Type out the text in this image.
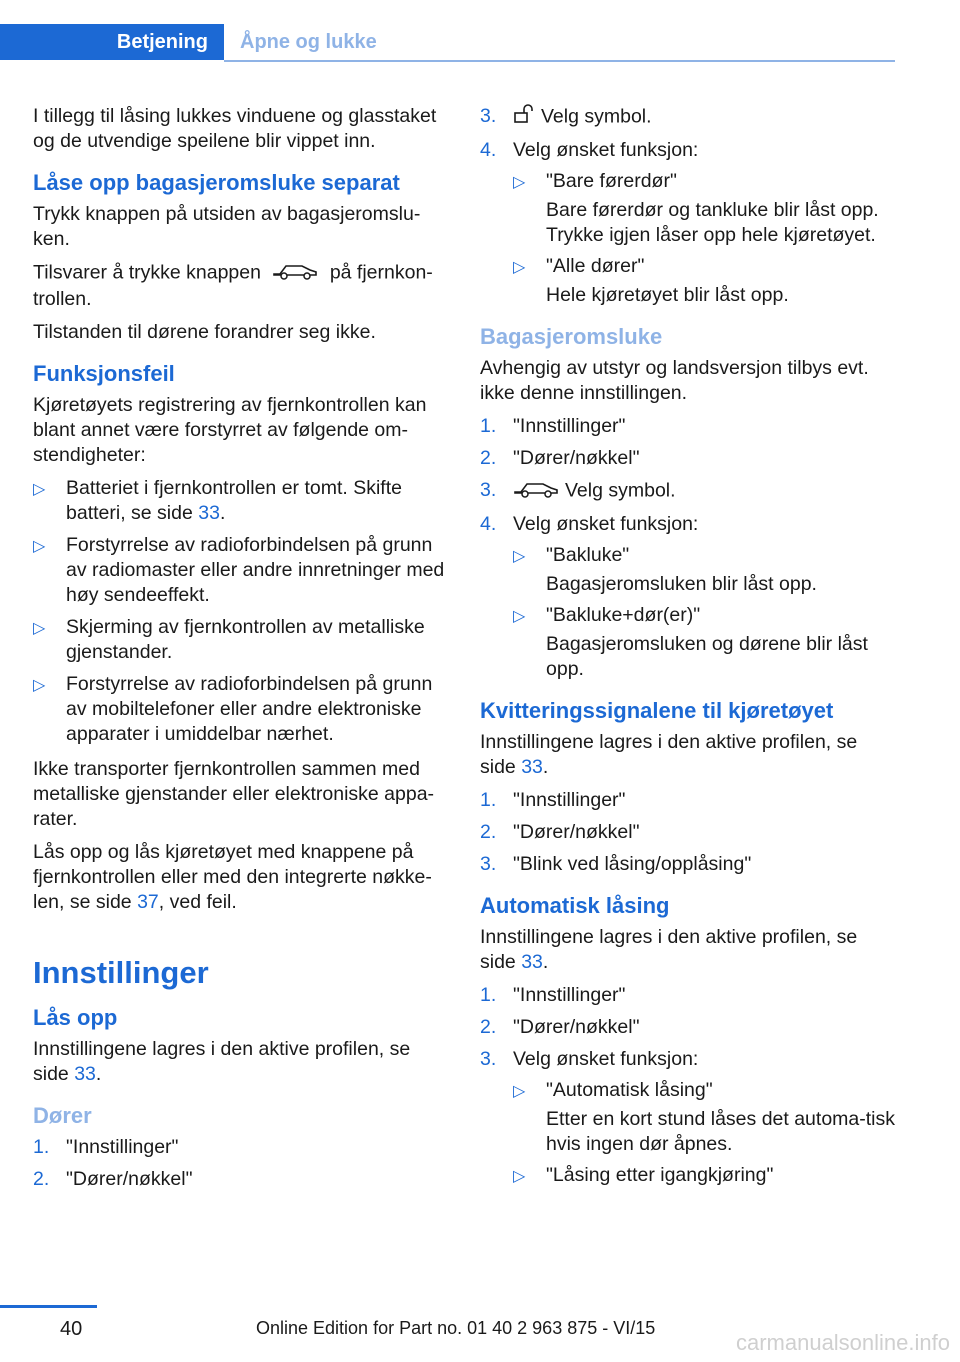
Betjening	Åpne og lukke

I tillegg til låsing lukkes vinduene og glasstaket og de utvendige speilene blir vippet inn.

Låse opp bagasjeromsluke separat

Trykk knappen på utsiden av bagasjeromslu-ken.

Tilsvarer å trykke knappen	på fjernkon-trollen.

Tilstanden til dørene forandrer seg ikke.

Funksjonsfeil

Kjøretøyets registrering av fjernkontrollen kan blant annet være forstyrret av følgende om-stendigheter:

▷ Batteriet i fjernkontrollen er tomt. Skifte batteri, se side 33.
▷ Forstyrrelse av radioforbindelsen på grunn av radiomaster eller andre innretninger med høy sendeeffekt.
▷ Skjerming av fjernkontrollen av metalliske gjenstander.
▷ Forstyrrelse av radioforbindelsen på grunn av mobiltelefoner eller andre elektroniske apparater i umiddelbar nærhet.

Ikke transporter fjernkontrollen sammen med metalliske gjenstander eller elektroniske appa-rater.

Lås opp og lås kjøretøyet med knappene på fjernkontrollen eller med den integrerte nøkke-len, se side 37, ved feil.

Innstillinger
Lås opp

Innstillingene lagres i den aktive profilen, se side 33.

Dører
1. "Innstillinger"
2. "Dører/nøkkel"
3. Velg symbol.
4. Velg ønsket funksjon:
▷ "Bare førerdør"
Bare førerdør og tankluke blir låst opp. Trykke igjen låser opp hele kjøretøyet.
▷ "Alle dører"
Hele kjøretøyet blir låst opp.
Bagasjeromsluke

Avhengig av utstyr og landsversjon tilbys evt. ikke denne innstillingen.

1. "Innstillinger"
2. "Dører/nøkkel"
3.	Velg symbol.
4. Velg ønsket funksjon:
▷ "Bakluke"
Bagasjeromsluken blir låst opp.
▷ "Bakluke+dør(er)"
Bagasjeromsluken og dørene blir låst opp.
Kvitteringssignalene til kjøretøyet

Innstillingene lagres i den aktive profilen, se side 33.

1. "Innstillinger"
2. "Dører/nøkkel"
3. "Blink ved låsing/opplåsing"
Automatisk låsing

Innstillingene lagres i den aktive profilen, se side 33.

1. "Innstillinger"
2. "Dører/nøkkel"
3. Velg ønsket funksjon:
▷ "Automatisk låsing"
Etter en kort stund låses det automa-tisk hvis ingen dør åpnes.
▷ "Låsing etter igangkjøring"
40	Online Edition for Part no. 01 40 2 963 875 - VI/15
carmanualsonline.info
